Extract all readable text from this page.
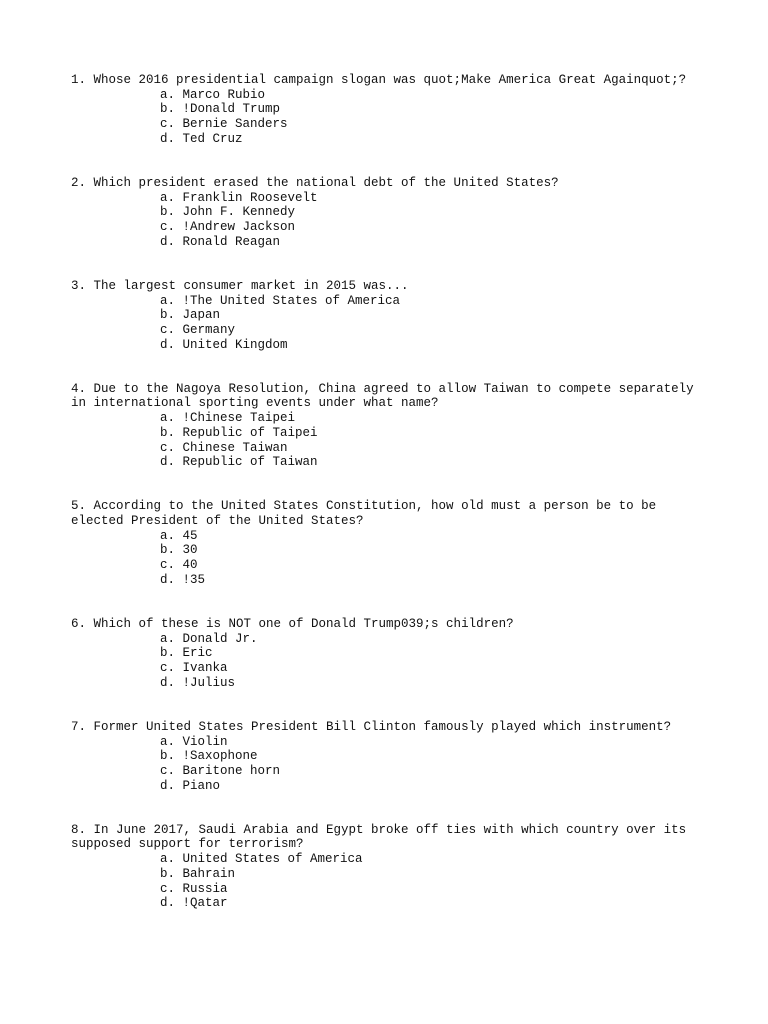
1. Whose 2016 presidential campaign slogan was quot;Make America Great Againquot;?

a. Marco Rubio
b. !Donald Trump
c. Bernie Sanders
d. Ted Cruz

2. Which president erased the national debt of the United States?

a. Franklin Roosevelt
b. John F. Kennedy
c. !Andrew Jackson
d. Ronald Reagan

3. The largest consumer market in 2015 was...

a. !The United States of America
b. Japan
c. Germany
d. United Kingdom

4. Due to the Nagoya Resolution, China agreed to allow Taiwan to compete separately
in international sporting events under what name?

a. !Chinese Taipei
b. Republic of Taipei
c. Chinese Taiwan
d. Republic of Taiwan

5. According to the United States Constitution, how old must a person be to be
elected President of the United States?

a. 45
b. 30
c. 40
d. !35

6. Which of these is NOT one of Donald Trump039;s children?

a. Donald Jr.
b. Eric
c. Ivanka
d. !Julius

7. Former United States President Bill Clinton famously played which instrument?

a. Violin
b. !Saxophone
c. Baritone horn
d. Piano

8. In June 2017, Saudi Arabia and Egypt broke off ties with which country over its
supposed support for terrorism?

a. United States of America
b. Bahrain
c. Russia
d. !Qatar
